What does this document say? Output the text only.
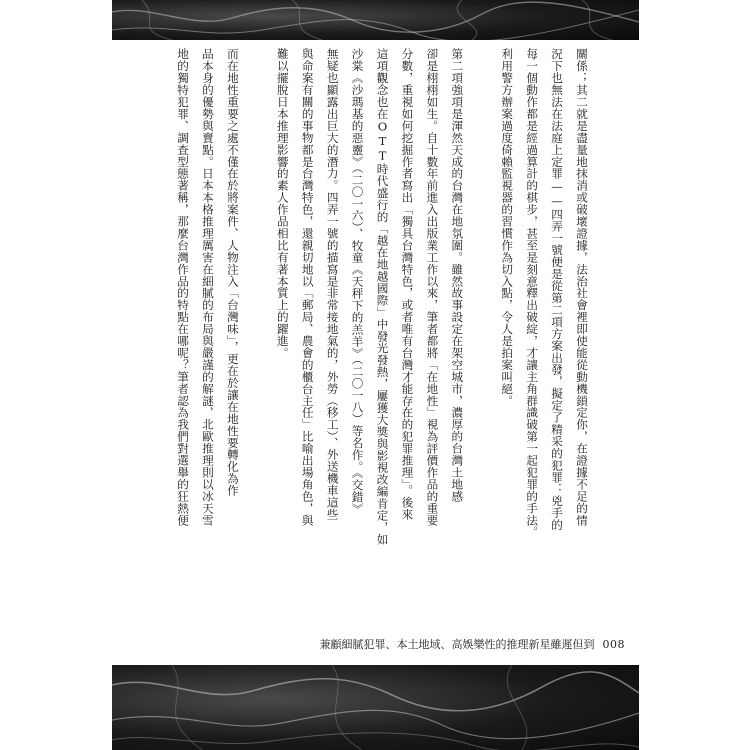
關係；其二就是盡量地抹消或破壞證據，法治社會裡即使能從動機鎖定你，在證據不足的情
況下也無法在法庭上定罪——四弄一號便是從第二項方案出發，擬定了精采的犯罪：兇手的
每一個動作都是經過算計的棋步，甚至是刻意釋出破綻，才讓主角群識破第一起犯罪的手法。
利用警方辦案過度倚賴監視器的習慣作為切入點，令人是拍案叫絕。
第二項強項是渾然天成的台灣在地氛圍。雖然故事設定在架空城市，濃厚的台灣土地感
卻是栩栩如生。自十數年前進入出版業工作以來，筆者都將「在地性」視為評價作品的重要
分數，重視如何挖掘作者寫出「獨具台灣特色，或者唯有台灣才能存在的犯罪推理」。後來
這項觀念也在OTT時代盛行的「越在地越國際」中發光發熱，屢獲大獎與影視改編肯定，如
沙棠《沙瑪基的惡靈》（二〇一六）、牧童《天秤下的羔羊》（二〇一八）等名作。《交錯》
無疑也顯露出巨大的潛力。四弄一號的描寫是非常接地氣的，外勞（移工）、外送機車這些
與命案有關的事物都是台灣特色，還親切地以「郵局、農會的櫃台主任」比喻出場角色，與
難以擺脫日本推理影響的素人作品相比有著本質上的躍進。
而在地性重要之處不僅在於將案件、人物注入「台灣味」，更在於讓在地性要轉化為作
品本身的優勢與賣點。日本本格推理厲害在細膩的布局與嚴謹的解謎，北歐推理則以冰天雪
地的獨特犯罪、調查型態著稱，那麼台灣作品的特點在哪呢？筆者認為我們對選舉的狂熱便
兼顧細膩犯罪、本土地域、高娛樂性的推理新星雖遲但到 008
